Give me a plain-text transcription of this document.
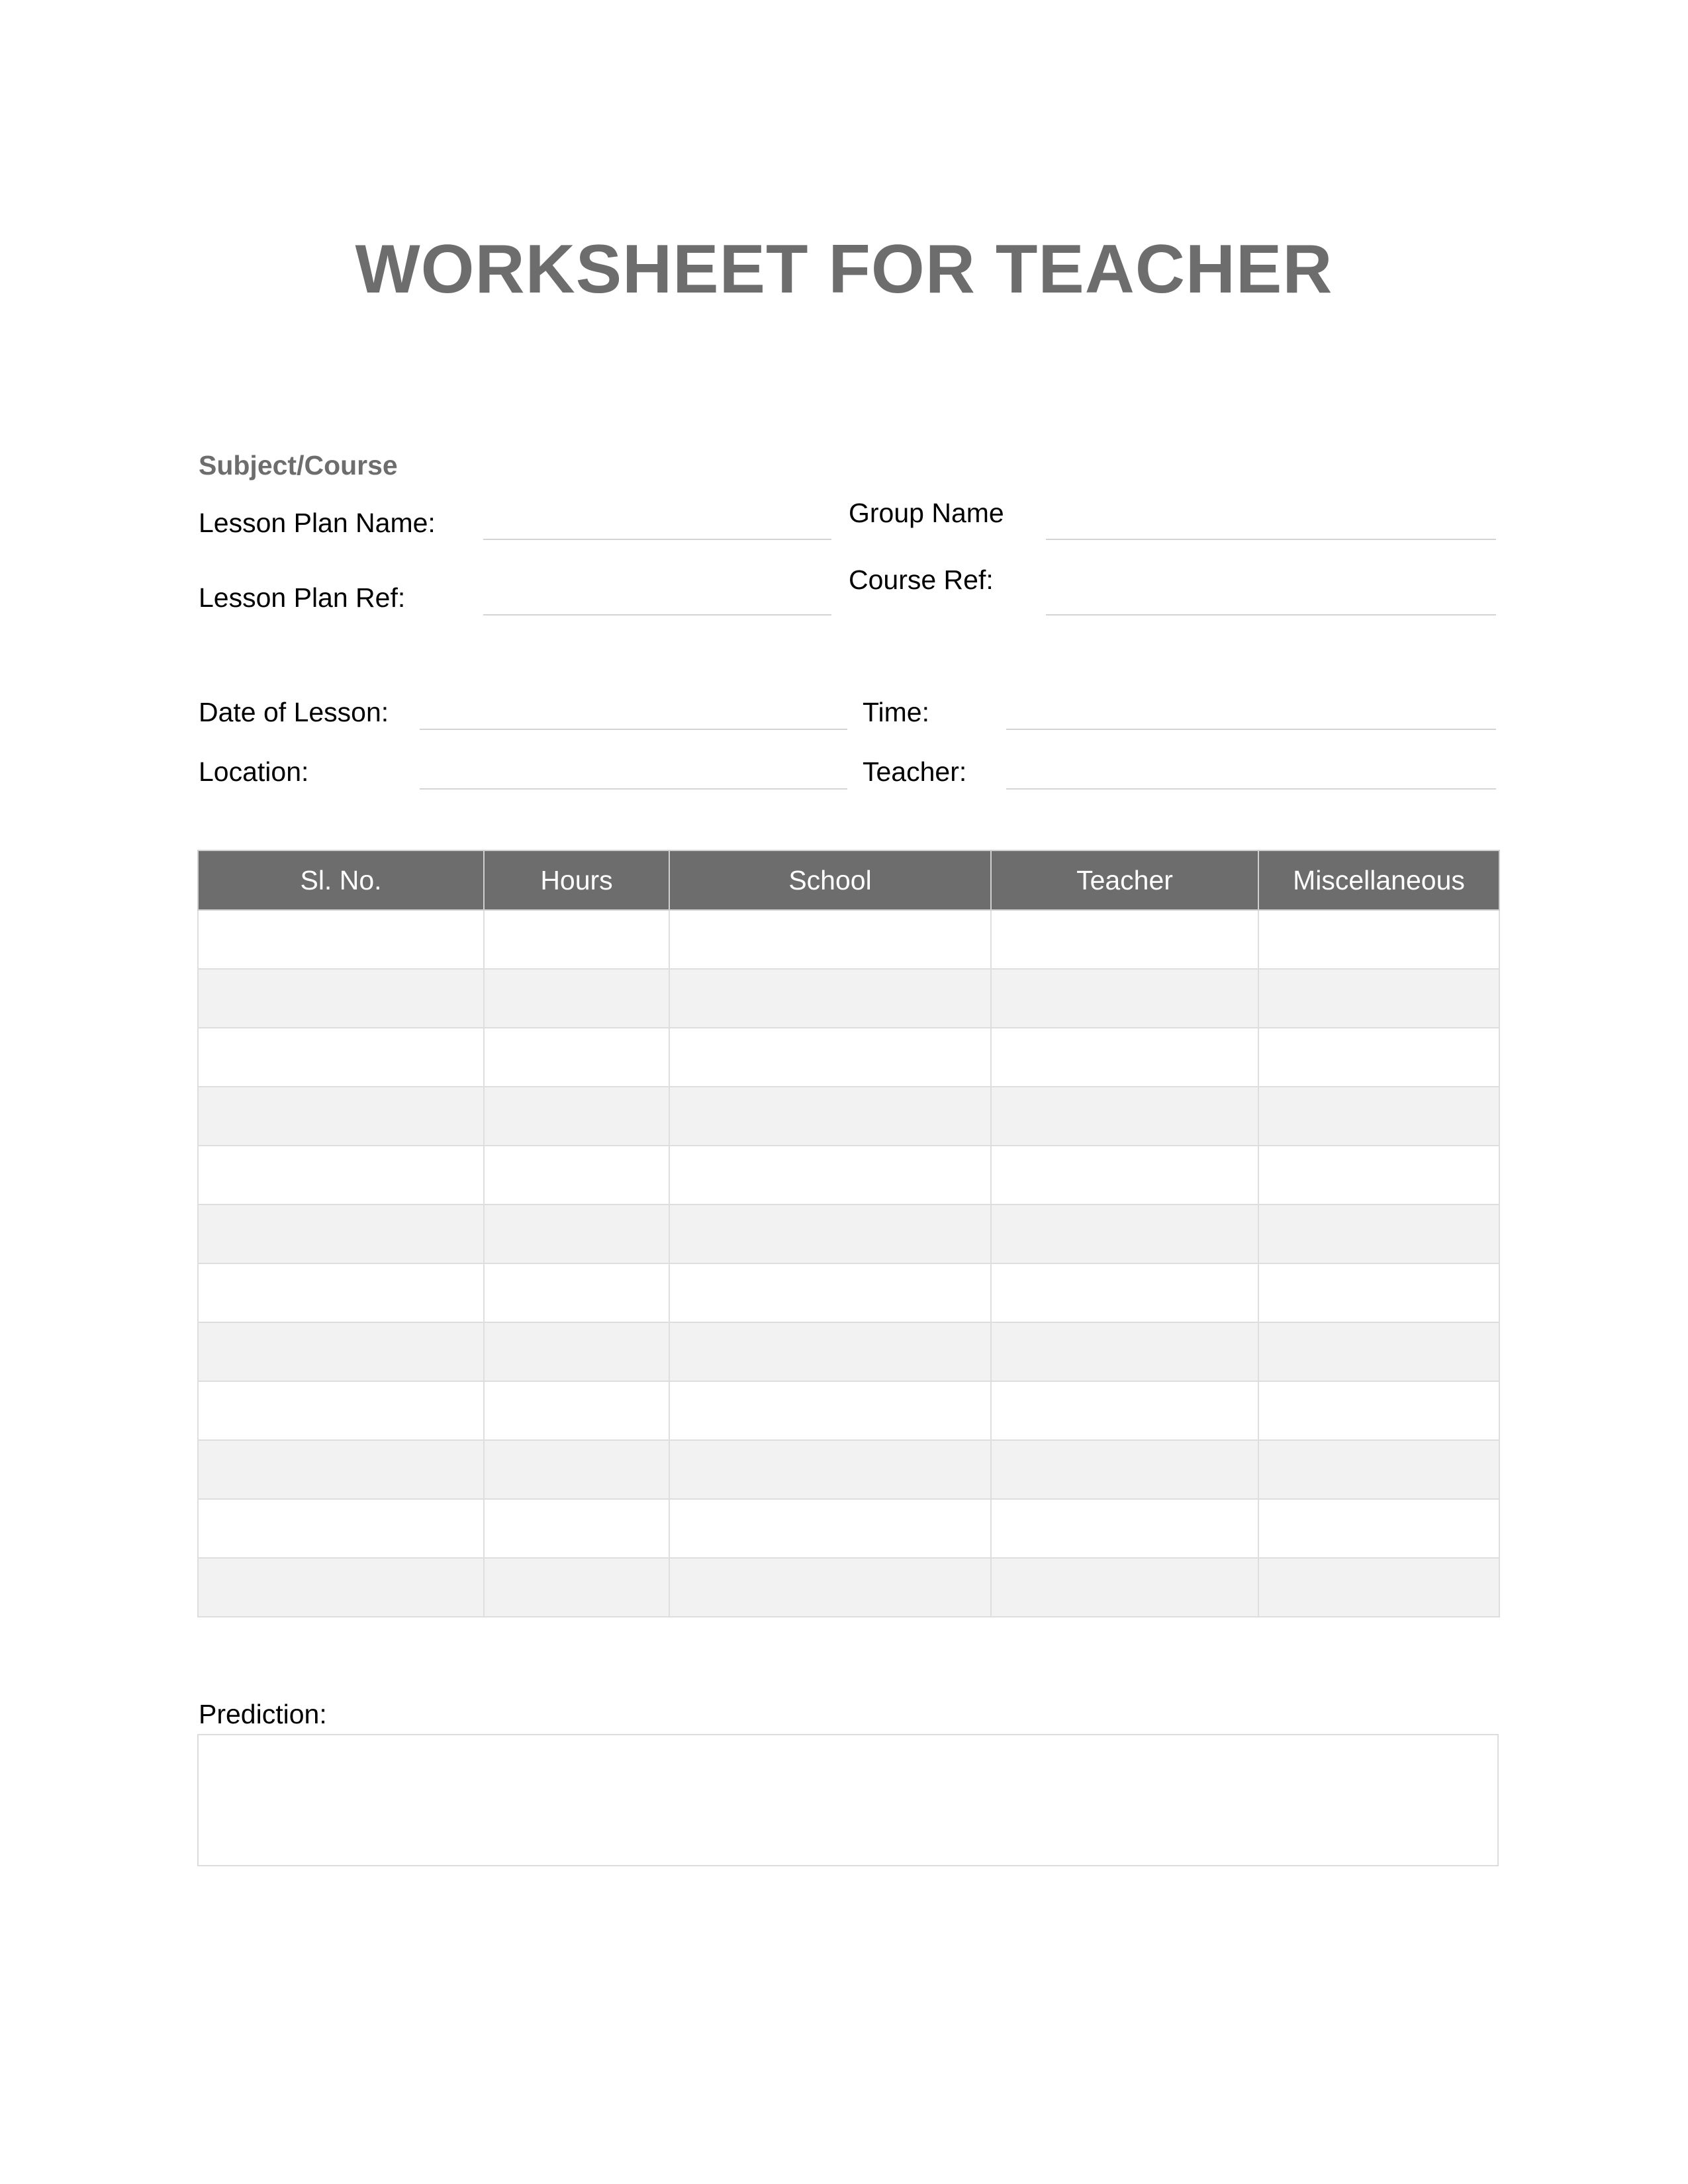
WORKSHEET FOR TEACHER
Subject/Course
Lesson Plan Name:	Group Name
Lesson Plan Ref:
Course Ref:
Date of Lesson:	Time:
Location:	Teacher:
Sl. No.	Hours	School	Teacher	Miscellaneous

Prediction:
